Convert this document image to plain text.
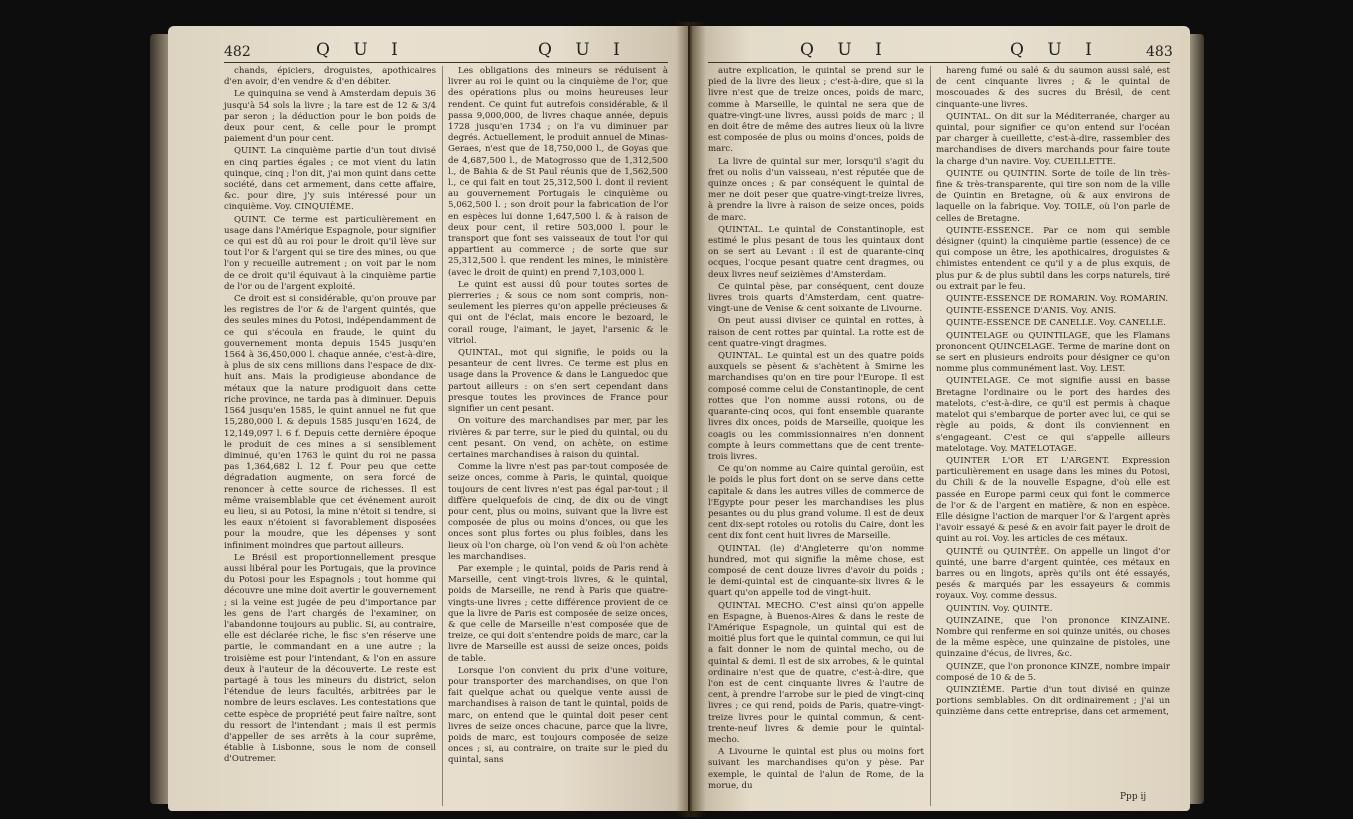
482	Q U I	Q U I

chands, épiciers, droguistes, apothicaires d'en avoir, d'en vendre & d'en débiter.

Le quinquina se vend à Amsterdam depuis 36 jusqu'à 54 sols la livre ; la tare est de 12 & 3/4 par seron ; la déduction pour le bon poids de deux pour cent, & celle pour le prompt paiement d'un pour cent.

QUINT. La cinquième partie d'un tout divisé en cinq parties égales ; ce mot vient du latin quinque, cinq ; l'on dit, j'ai mon quint dans cette société, dans cet armement, dans cette affaire, &c. pour dire, j'y suis intéressé pour un cinquième. Voy. CINQUIÈME.

QUINT. Ce terme est particulièrement en usage dans l'Amérique Espagnole, pour signifier ce qui est dû au roi pour le droit qu'il lève sur tout l'or & l'argent qui se tire des mines, ou que l'on y recueille autrement ; on voit par le nom de ce droit qu'il équivaut à la cinquième partie de l'or ou de l'argent exploité.

Ce droit est si considérable, qu'on prouve par les registres de l'or & de l'argent quintés, que des seules mines du Potosi, indépendamment de ce qui s'écoula en fraude, le quint du gouvernement monta depuis 1545 jusqu'en 1564 à 36,450,000 l. chaque année, c'est-à-dire, à plus de six cens millions dans l'espace de dix-huit ans. Mais la prodigieuse abondance de métaux que la nature prodiguoit dans cette riche province, ne tarda pas à diminuer. Depuis 1564 jusqu'en 1585, le quint annuel ne fut que 15,280,000 l. & depuis 1585 jusqu'en 1624, de 12,149,097 l. 6 f. Depuis cette dernière époque le produit de ces mines a si sensiblement diminué, qu'en 1763 le quint du roi ne passa pas 1,364,682 l. 12 f. Pour peu que cette dégradation augmente, on sera forcé de renoncer à cette source de richesses. Il est même vraisemblable que cet événement auroit eu lieu, si au Potosi, la mine n'étoit si tendre, si les eaux n'étoient si favorablement disposées pour la moudre, que les dépenses y sont infiniment moindres que partout ailleurs.

Le Brésil est proportionnellement presque aussi libéral pour les Portugais, que la province du Potosi pour les Espagnols ; tout homme qui découvre une mine doit avertir le gouvernement ; si la veine est jugée de peu d'importance par les gens de l'art chargés de l'examiner, on l'abandonne toujours au public. Si, au contraire, elle est déclarée riche, le fisc s'en réserve une partie, le commandant en a une autre ; la troisième est pour l'intendant, & l'on en assure deux à l'auteur de la découverte. Le reste est partagé à tous les mineurs du district, selon l'étendue de leurs facultés, arbitrées par le nombre de leurs esclaves. Les contestations que cette espèce de propriété peut faire naître, sont du ressort de l'intendant ; mais il est permis d'appeller de ses arrêts à la cour suprême, établie à Lisbonne, sous le nom de conseil d'Outremer.

Les obligations des mineurs se réduisent à livrer au roi le quint ou la cinquième de l'or, que des opérations plus ou moins heureuses leur rendent. Ce quint fut autrefois considérable, & il passa 9,000,000, de livres chaque année, depuis 1728 jusqu'en 1734 ; on l'a vu diminuer par degrés. Actuellement, le produit annuel de Minas-Geraes, n'est que de 18,750,000 l., de Goyas que de 4,687,500 l., de Matogrosso que de 1,312,500 l., de Bahia & de St Paul réunis que de 1,562,500 l., ce qui fait en tout 25,312,500 l. dont il revient au gouvernement Portugais le cinquième ou 5,062,500 l. ; son droit pour la fabrication de l'or en espèces lui donne 1,647,500 l. & à raison de deux pour cent, il retire 503,000 l. pour le transport que font ses vaisseaux de tout l'or qui appartient au commerce ; de sorte que sur 25,312,500 l. que rendent les mines, le ministère (avec le droit de quint) en prend 7,103,000 l.

Le quint est aussi dû pour toutes sortes de pierreries ; & sous ce nom sont compris, non-seulement les pierres qu'on appelle précieuses & qui ont de l'éclat, mais encore le bezoard, le corail rouge, l'aimant, le jayet, l'arsenic & le vitriol.

QUINTAL, mot qui signifie, le poids ou la pesanteur de cent livres. Ce terme est plus en usage dans la Provence & dans le Languedoc que partout ailleurs : on s'en sert cependant dans presque toutes les provinces de France pour signifier un cent pesant.

On voiture des marchandises par mer, par les rivières & par terre, sur le pied du quintal, ou du cent pesant. On vend, on achète, on estime certaines marchandises à raison du quintal.

Comme la livre n'est pas par-tout composée de seize onces, comme à Paris, le quintal, quoique toujours de cent livres n'est pas égal par-tout ; il diffère quelquefois de cinq, de dix ou de vingt pour cent, plus ou moins, suivant que la livre est composée de plus ou moins d'onces, ou que les onces sont plus fortes ou plus foibles, dans les lieux où l'on charge, où l'on vend & où l'on achète les marchandises.

Par exemple ; le quintal, poids de Paris rend à Marseille, cent vingt-trois livres, & le quintal, poids de Marseille, ne rend à Paris que quatre-vingts-une livres ; cette différence provient de ce que la livre de Paris est composée de seize onces, & que celle de Marseille n'est composée que de treize, ce qui doit s'entendre poids de marc, car la livre de Marseille est aussi de seize onces, poids de table.

Lorsque l'on convient du prix d'une voiture, pour transporter des marchandises, on que l'on fait quelque achat ou quelque vente aussi de marchandises à raison de tant le quintal, poids de marc, on entend que le quintal doit peser cent livres de seize onces chacune, parce que la livre, poids de marc, est toujours composée de seize onces ; si, au contraire, on traite sur le pied du quintal, sans

Q U I	Q U I	483

autre explication, le quintal se prend sur le pied de la livre des lieux ; c'est-à-dire, que si la livre n'est que de treize onces, poids de marc, comme à Marseille, le quintal ne sera que de quatre-vingt-une livres, aussi poids de marc ; il en doit être de même des autres lieux où la livre est composée de plus ou moins d'onces, poids de marc.

La livre de quintal sur mer, lorsqu'il s'agit du fret ou nolis d'un vaisseau, n'est réputée que de quinze onces ; & par conséquent le quintal de mer ne doit peser que quatre-vingt-treize livres, à prendre la livre à raison de seize onces, poids de marc.

QUINTAL. Le quintal de Constantinople, est estimé le plus pesant de tous les quintaux dont on se sert au Levant : il est de quarante-cinq ocques, l'ocque pesant quatre cent dragmes, ou deux livres neuf seizièmes d'Amsterdam.

Ce quintal pèse, par conséquent, cent douze livres trois quarts d'Amsterdam, cent quatre-vingt-une de Venise & cent soixante de Livourne.

On peut aussi diviser ce quintal en rottes, à raison de cent rottes par quintal. La rotte est de cent quatre-vingt dragmes.

QUINTAL. Le quintal est un des quatre poids auxquels se pèsent & s'achètent à Smirne les marchandises qu'on en tire pour l'Europe. Il est composé comme celui de Constantinople, de cent rottes que l'on nomme aussi rotons, ou de quarante-cinq ocos, qui font ensemble quarante livres dix onces, poids de Marseille, quoique les coagis ou les commissionnaires n'en donnent compte à leurs commettans que de cent trente-trois livres.

Ce qu'on nomme au Caire quintal geroüin, est le poids le plus fort dont on se serve dans cette capitale & dans les autres villes de commerce de l'Egypte pour peser les marchandises les plus pesantes ou du plus grand volume. Il est de deux cent dix-sept rotoles ou rotolis du Caire, dont les cent dix font cent huit livres de Marseille.

QUINTAL (le) d'Angleterre qu'on nomme hundred, mot qui signifie la même chose, est composé de cent douze livres d'avoir du poids ; le demi-quintal est de cinquante-six livres & le quart qu'on appelle tod de vingt-huit.

QUINTAL MECHO. C'est ainsi qu'on appelle en Espagne, à Buenos-Aires & dans le reste de l'Amérique Espagnole, un quintal qui est de moitié plus fort que le quintal commun, ce qui lui a fait donner le nom de quintal mecho, ou de quintal & demi. Il est de six arrobes, & le quintal ordinaire n'est que de quatre, c'est-à-dire, que l'on est de cent cinquante livres & l'autre de cent, à prendre l'arrobe sur le pied de vingt-cinq livres ; ce qui rend, poids de Paris, quatre-vingt-treize livres pour le quintal commun, & cent-trente-neuf livres & demie pour le quintal-mecho.

A Livourne le quintal est plus ou moins fort suivant les marchandises qu'on y pèse. Par exemple, le quintal de l'alun de Rome, de la morue, du

hareng fumé ou salé & du saumon aussi salé, est de cent cinquante livres ; & le quintal de moscouades & des sucres du Brésil, de cent cinquante-une livres.

QUINTAL. On dit sur la Méditerranée, charger au quintal, pour signifier ce qu'on entend sur l'océan par charger à cueillette, c'est-à-dire, rassembler des marchandises de divers marchands pour faire toute la charge d'un navire. Voy. CUEILLETTE.

QUINTE ou QUINTIN. Sorte de toile de lin très-fine & très-transparente, qui tire son nom de la ville de Quintin en Bretagne, où & aux environs de laquelle on la fabrique. Voy. TOILE, où l'on parle de celles de Bretagne.

QUINTE-ESSENCE. Par ce nom qui semble désigner (quint) la cinquième partie (essence) de ce qui compose un être, les apothicaires, droguistes & chimistes entendent ce qu'il y a de plus exquis, de plus pur & de plus subtil dans les corps naturels, tiré ou extrait par le feu.

QUINTE-ESSENCE DE ROMARIN. Voy. ROMARIN.

QUINTE-ESSENCE D'ANIS. Voy. ANIS.

QUINTE-ESSENCE DE CANELLE. Voy. CANELLE.

QUINTELAGE ou QUINTILAGE, que les Flamans prononcent QUINCELAGE. Terme de marine dont on se sert en plusieurs endroits pour désigner ce qu'on nomme plus communément last. Voy. LEST.

QUINTELAGE. Ce mot signifie aussi en basse Bretagne l'ordinaire ou le port des hardes des matelots, c'est-à-dire, ce qu'il est permis à chaque matelot qui s'embarque de porter avec lui, ce qui se règle au poids, & dont ils conviennent en s'engageant. C'est ce qui s'appelle ailleurs matelotage. Voy. MATELOTAGE.

QUINTER L'OR ET L'ARGENT. Expression particulièrement en usage dans les mines du Potosi, du Chili & de la nouvelle Espagne, d'où elle est passée en Europe parmi ceux qui font le commerce de l'or & de l'argent en matière, & non en espèce. Elle désigne l'action de marquer l'or & l'argent après l'avoir essayé & pesé & en avoir fait payer le droit de quint au roi. Voy. les articles de ces métaux.

QUINTÉ ou QUINTÉE. On appelle un lingot d'or quinté, une barre d'argent quintée, ces métaux en barres ou en lingots, après qu'ils ont été essayés, pesés & marqués par les essayeurs & commis royaux. Voy. comme dessus.

QUINTIN. Voy. QUINTE.

QUINZAINE, que l'on prononce KINZAINE. Nombre qui renferme en soi quinze unités, ou choses de la même espèce, une quinzaine de pistoles, une quinzaine d'écus, de livres, &c.

QUINZE, que l'on prononce KINZE, nombre impair composé de 10 & de 5.

QUINZIÈME. Partie d'un tout divisé en quinze portions semblables. On dit ordinairement ; j'ai un quinzième dans cette entreprise, dans cet armement,

Ppp ij
